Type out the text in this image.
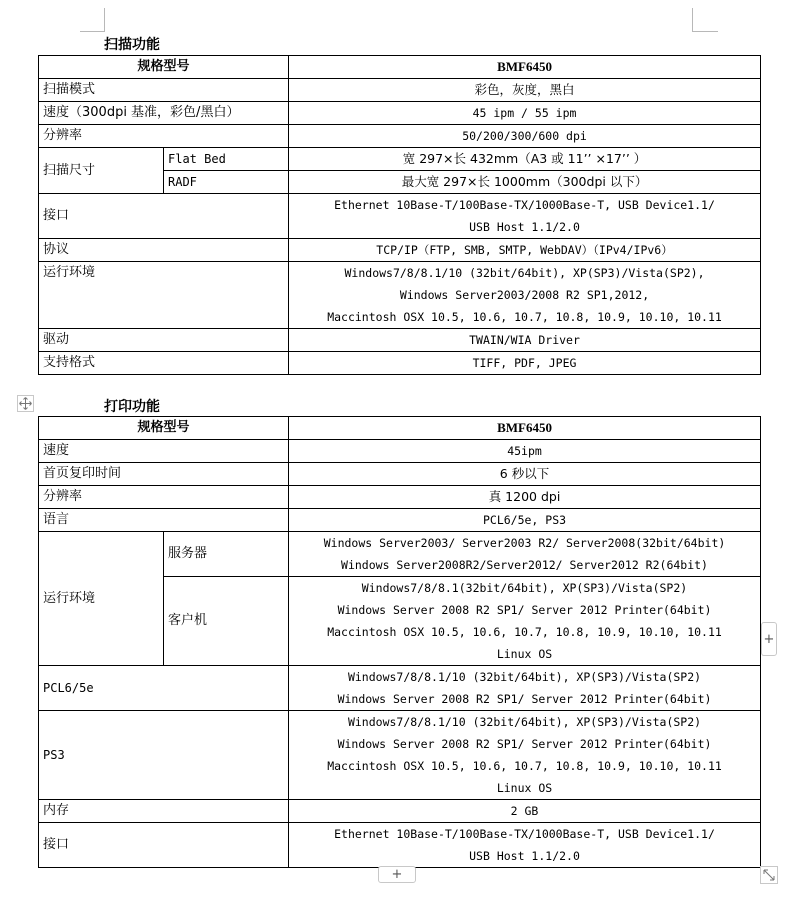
扫描功能
规格型号		BMF6450
扫描模式		彩色，灰度，黑白
速度（300dpi 基准，彩色/黑白）		45 ipm / 55 ipm
分辨率		50/200/300/600 dpi
扫描尺寸	Flat Bed	宽 297×长 432mm（A3 或 11’’ ×17’’ ）
	RADF	最大宽 297×长 1000mm（300dpi 以下）
接口		Ethernet 10Base-T/100Base-TX/1000Base-T, USB Device1.1/
USB Host 1.1/2.0

协议		TCP/IP（FTP, SMB, SMTP, WebDAV）（IPv4/IPv6）
运行环境		Windows7/8/8.1/10 (32bit/64bit), XP(SP3)/Vista(SP2),
Windows Server2003/2008 R2 SP1,2012,
Maccintosh OSX 10.5, 10.6, 10.7, 10.8, 10.9, 10.10, 10.11

驱动		TWAIN/WIA Driver
支持格式		TIFF, PDF, JPEG
打印功能
规格型号		BMF6450
速度		45ipm
首页复印时间		6 秒以下
分辨率		真 1200 dpi
语言		PCL6/5e, PS3
运行环境	服务器	Windows Server2003/ Server2003 R2/ Server2008(32bit/64bit)
Windows Server2008R2/Server2012/ Server2012 R2(64bit)

	客户机	Windows7/8/8.1(32bit/64bit), XP(SP3)/Vista(SP2)
Windows Server 2008 R2 SP1/ Server 2012 Printer(64bit)
Maccintosh OSX 10.5, 10.6, 10.7, 10.8, 10.9, 10.10, 10.11
Linux OS

PCL6/5e		Windows7/8/8.1/10 (32bit/64bit), XP(SP3)/Vista(SP2)
Windows Server 2008 R2 SP1/ Server 2012 Printer(64bit)

PS3		Windows7/8/8.1/10 (32bit/64bit), XP(SP3)/Vista(SP2)
Windows Server 2008 R2 SP1/ Server 2012 Printer(64bit)
Maccintosh OSX 10.5, 10.6, 10.7, 10.8, 10.9, 10.10, 10.11
Linux OS

内存		2 GB
接口		Ethernet 10Base-T/100Base-TX/1000Base-T, USB Device1.1/
USB Host 1.1/2.0
+
+
